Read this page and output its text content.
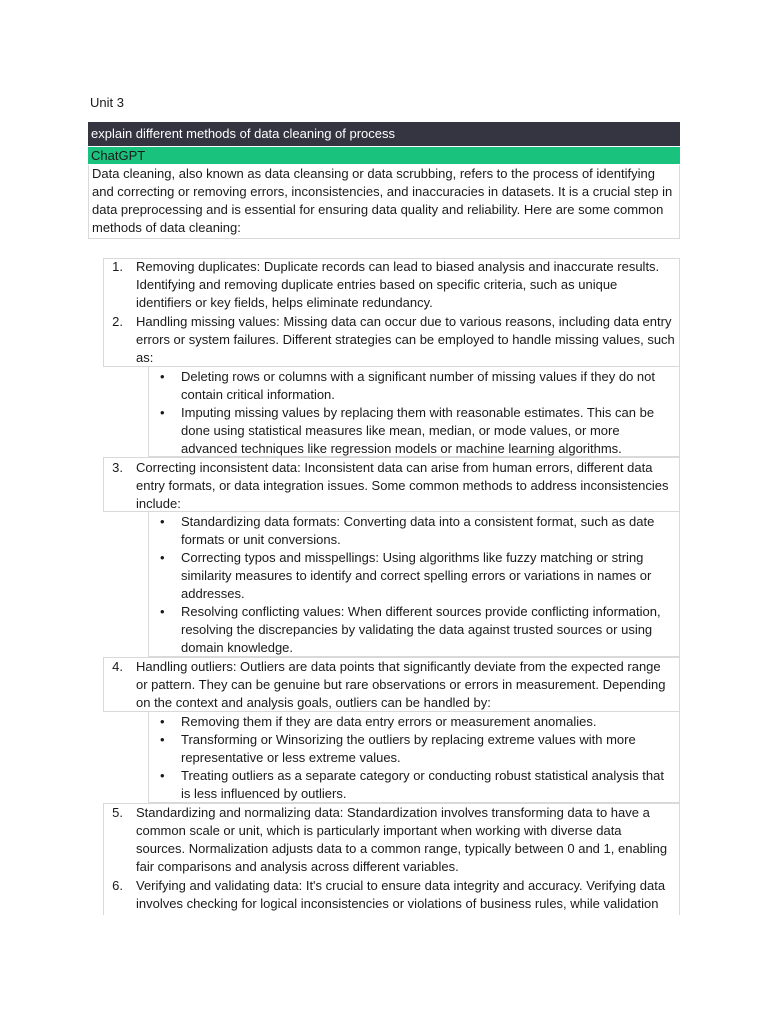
Unit 3
explain different methods of data cleaning of process
ChatGPT
Data cleaning, also known as data cleansing or data scrubbing, refers to the process of identifying
and correcting or removing errors, inconsistencies, and inaccuracies in datasets. It is a crucial step in
data preprocessing and is essential for ensuring data quality and reliability. Here are some common
methods of data cleaning:
1. Removing duplicates: Duplicate records can lead to biased analysis and inaccurate results.
Identifying and removing duplicate entries based on specific criteria, such as unique
identifiers or key fields, helps eliminate redundancy.
2. Handling missing values: Missing data can occur due to various reasons, including data entry
errors or system failures. Different strategies can be employed to handle missing values, such
as:
• Deleting rows or columns with a significant number of missing values if they do not
contain critical information.
• Imputing missing values by replacing them with reasonable estimates. This can be
done using statistical measures like mean, median, or mode values, or more
advanced techniques like regression models or machine learning algorithms.
3. Correcting inconsistent data: Inconsistent data can arise from human errors, different data
entry formats, or data integration issues. Some common methods to address inconsistencies
include:
• Standardizing data formats: Converting data into a consistent format, such as date
formats or unit conversions.
• Correcting typos and misspellings: Using algorithms like fuzzy matching or string
similarity measures to identify and correct spelling errors or variations in names or
addresses.
• Resolving conflicting values: When different sources provide conflicting information,
resolving the discrepancies by validating the data against trusted sources or using
domain knowledge.
4. Handling outliers: Outliers are data points that significantly deviate from the expected range
or pattern. They can be genuine but rare observations or errors in measurement. Depending
on the context and analysis goals, outliers can be handled by:
• Removing them if they are data entry errors or measurement anomalies.
• Transforming or Winsorizing the outliers by replacing extreme values with more
representative or less extreme values.
• Treating outliers as a separate category or conducting robust statistical analysis that
is less influenced by outliers.
5. Standardizing and normalizing data: Standardization involves transforming data to have a
common scale or unit, which is particularly important when working with diverse data
sources. Normalization adjusts data to a common range, typically between 0 and 1, enabling
fair comparisons and analysis across different variables.
6. Verifying and validating data: It's crucial to ensure data integrity and accuracy. Verifying data
involves checking for logical inconsistencies or violations of business rules, while validation
